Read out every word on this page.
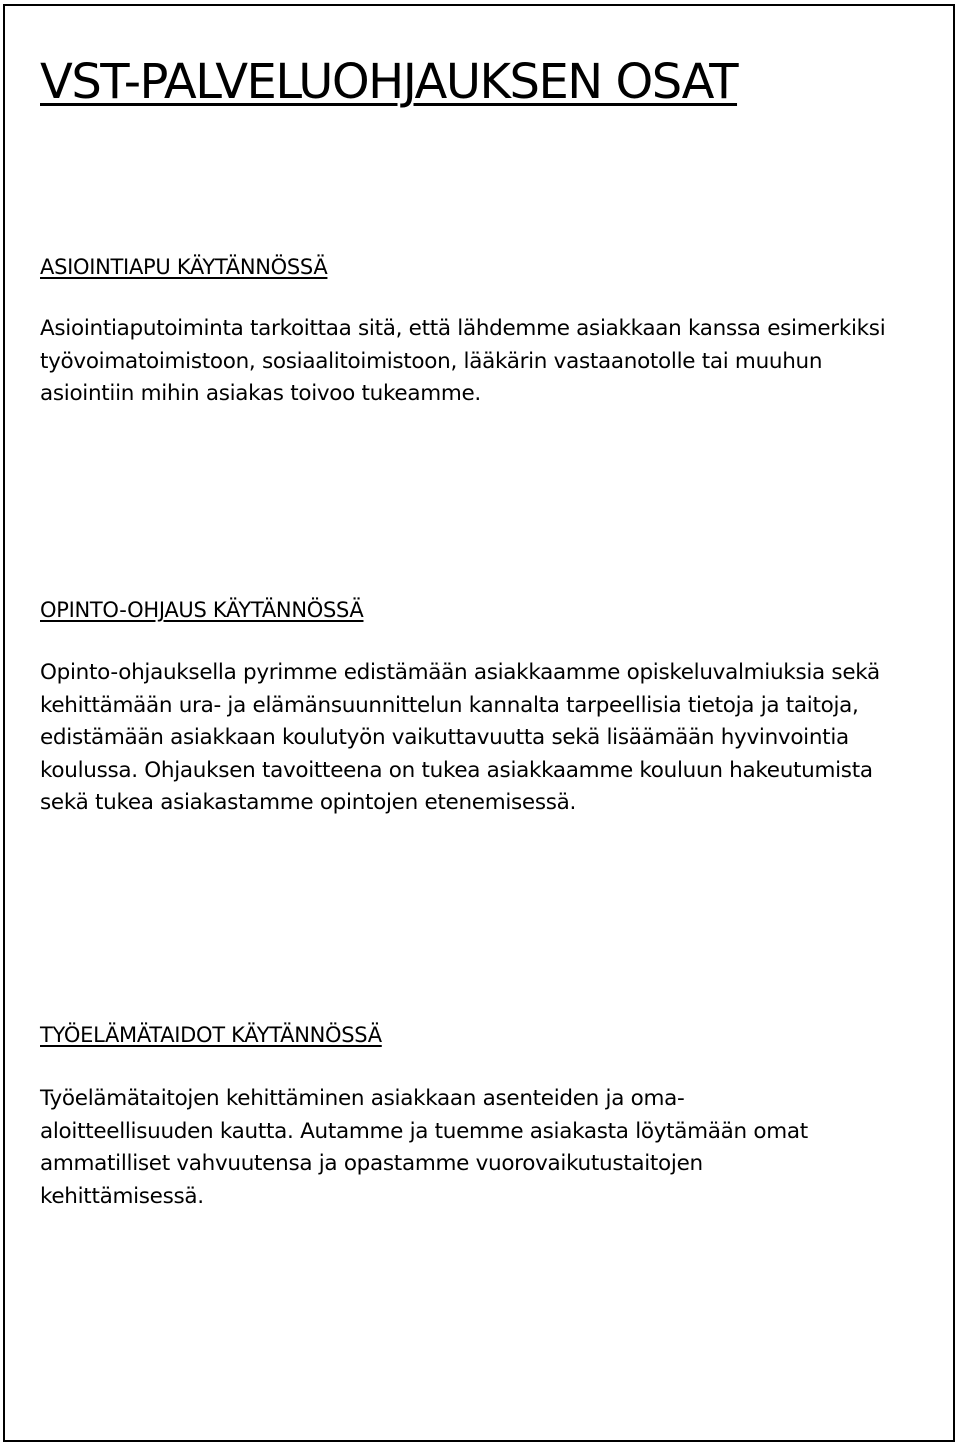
VST-PALVELUOHJAUKSEN OSAT
ASIOINTIAPU KÄYTÄNNÖSSÄ

Asiointiaputoiminta tarkoittaa sitä, että lähdemme asiakkaan kanssa esimerkiksi työvoimatoimistoon, sosiaalitoimistoon, lääkärin vastaanotolle tai muuhun asiointiin mihin asiakas toivoo tukeamme.

OPINTO-OHJAUS KÄYTÄNNÖSSÄ

Opinto-ohjauksella pyrimme edistämään asiakkaamme opiskeluvalmiuksia sekä kehittämään ura- ja elämänsuunnittelun kannalta tarpeellisia tietoja ja taitoja, edistämään asiakkaan koulutyön vaikuttavuutta sekä lisäämään hyvinvointia koulussa. Ohjauksen tavoitteena on tukea asiakkaamme kouluun hakeutumista sekä tukea asiakastamme opintojen etenemisessä.

TYÖELÄMÄTAIDOT KÄYTÄNNÖSSÄ

Työelämätaitojen kehittäminen asiakkaan asenteiden ja oma-aloitteellisuuden kautta. Autamme ja tuemme asiakasta löytämään omat ammatilliset vahvuutensa ja opastamme vuorovaikutustaitojen kehittämisessä.
